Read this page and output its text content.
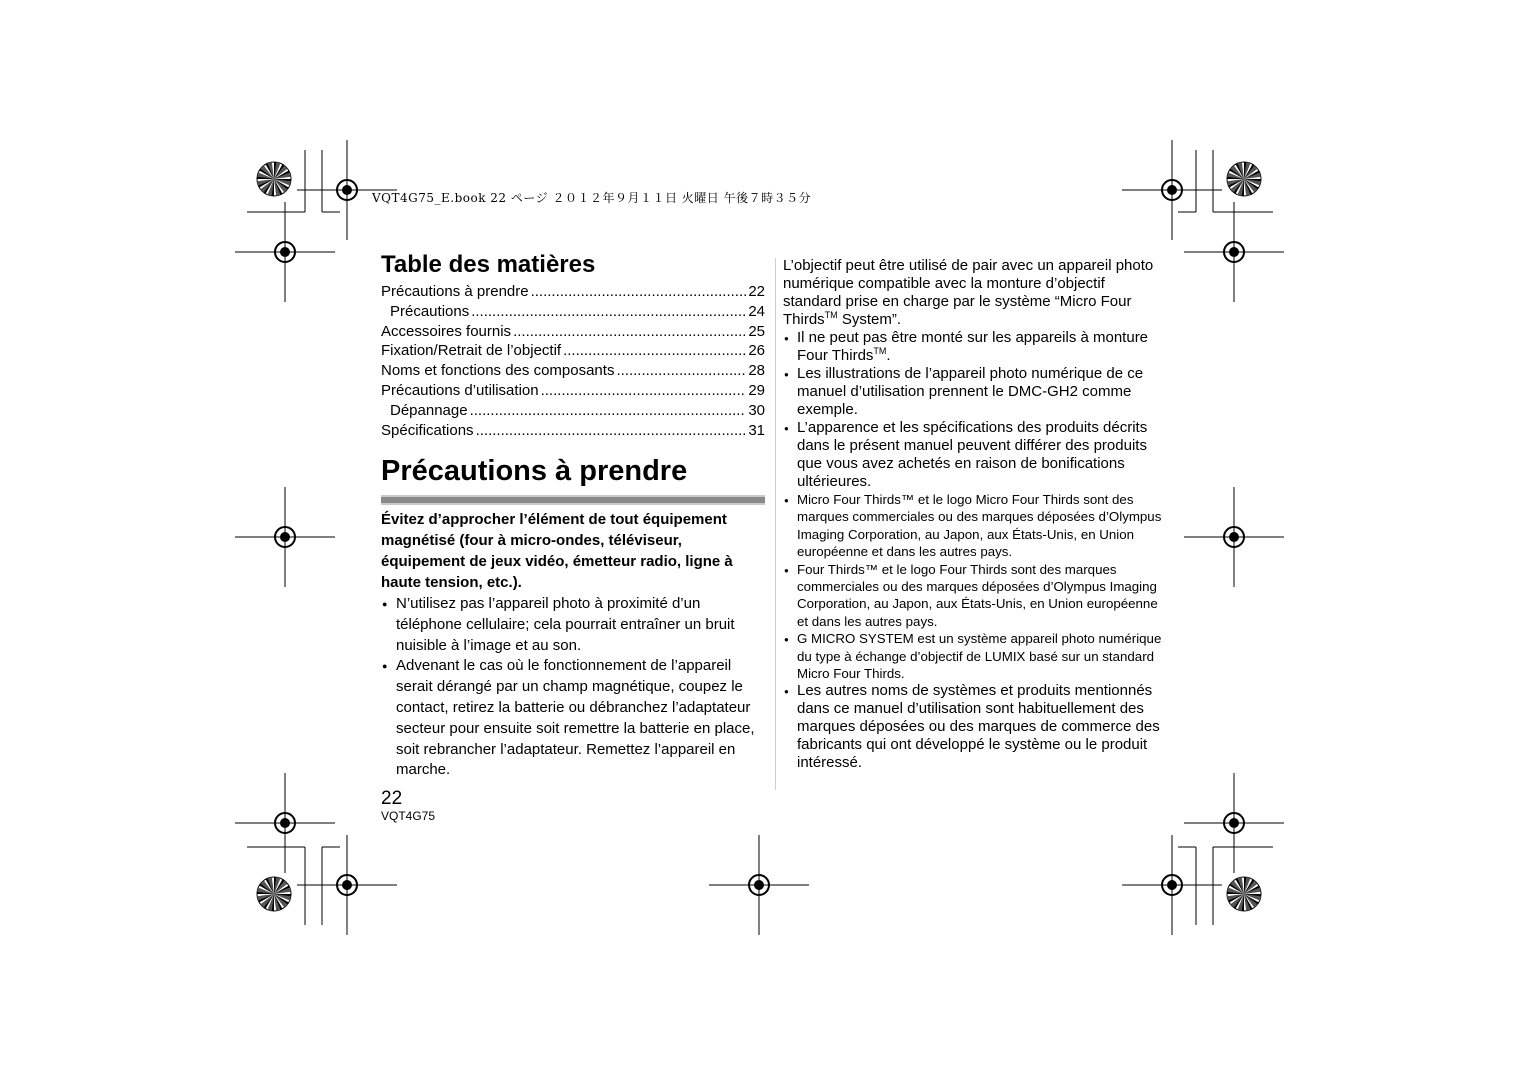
VQT4G75_E.book 22 ページ ２０１２年９月１１日 火曜日 午後７時３５分
Table des matières
Précautions à prendre .....	22
Précautions .....	24
Accessoires fournis .....	25
Fixation/Retrait de l’objectif .....	26
Noms et fonctions des composants .....	28
Précautions d’utilisation .....	29
Dépannage .....	30
Spécifications .....	31
Précautions à prendre

Évitez d’approcher l’élément de tout équipement magnétisé (four à micro-ondes, téléviseur, équipement de jeux vidéo, émetteur radio, ligne à haute tension, etc.).

● N’utilisez pas l’appareil photo à proximité d’un téléphone cellulaire; cela pourrait entraîner un bruit nuisible à l’image et au son.
● Advenant le cas où le fonctionnement de l’appareil serait dérangé par un champ magnétique, coupez le contact, retirez la batterie ou débranchez l’adaptateur secteur pour ensuite soit remettre la batterie en place, soit rebrancher l’adaptateur. Remettez l’appareil en marche.

L’objectif peut être utilisé de pair avec un appareil photo numérique compatible avec la monture d’objectif standard prise en charge par le système “Micro Four Thirds™ System”.

● Il ne peut pas être monté sur les appareils à monture Four Thirds™.
● Les illustrations de l’appareil photo numérique de ce manuel d’utilisation prennent le DMC-GH2 comme exemple.
● L’apparence et les spécifications des produits décrits dans le présent manuel peuvent différer des produits que vous avez achetés en raison de bonifications ultérieures.
● Micro Four Thirds™ et le logo Micro Four Thirds sont des marques commerciales ou des marques déposées d’Olympus Imaging Corporation, au Japon, aux États-Unis, en Union européenne et dans les autres pays.
● Four Thirds™ et le logo Four Thirds sont des marques commerciales ou des marques déposées d’Olympus Imaging Corporation, au Japon, aux États-Unis, en Union européenne et dans les autres pays.
● G MICRO SYSTEM est un système appareil photo numérique du type à échange d’objectif de LUMIX basé sur un standard Micro Four Thirds.
● Les autres noms de systèmes et produits mentionnés dans ce manuel d’utilisation sont habituellement des marques déposées ou des marques de commerce des fabricants qui ont développé le système ou le produit intéressé.
22
VQT4G75
